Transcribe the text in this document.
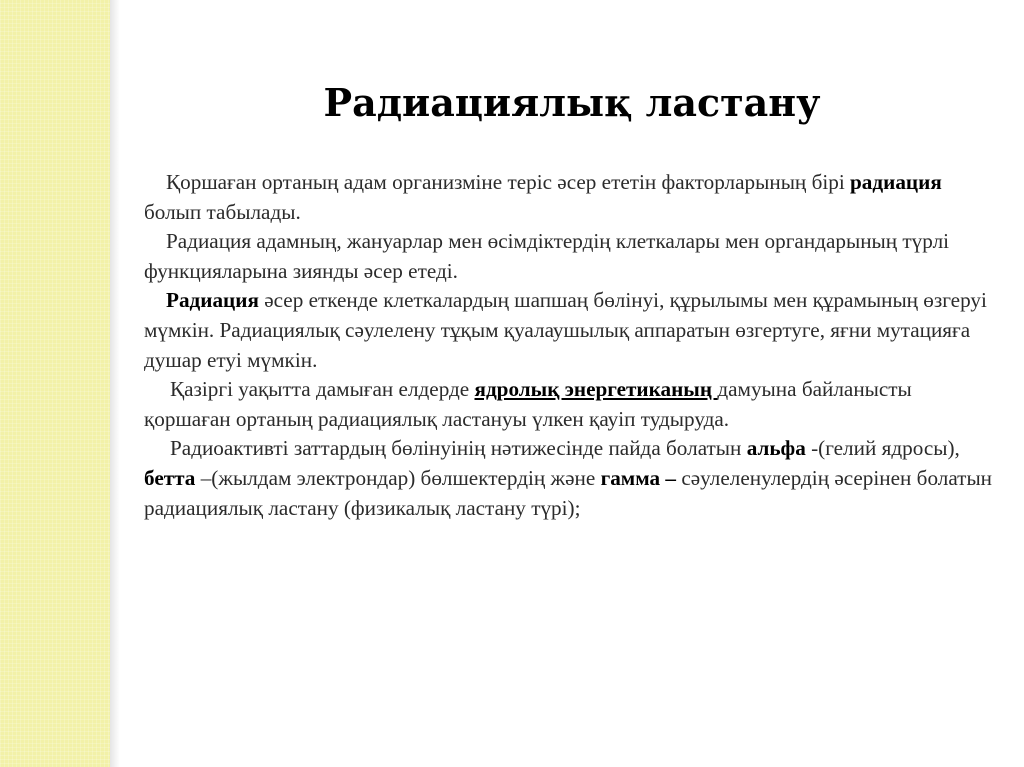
Радиациялық ластану

Қоршаған ортаның адам организміне теріс әсер ететін факторларының бірі радиация болып табылады.

Радиация адамның, жануарлар мен өсімдіктердің клеткалары мен органдарының түрлі функцияларына зиянды әсер етеді.

Радиация әсер еткенде клеткалардың шапшаң бөлінуі, құрылымы мен құрамының өзгеруі мүмкін. Радиациялық сәулелену тұқым қуалаушылық аппаратын өзгертуге, яғни мутацияға душар етуі мүмкін.

Қазіргі уақытта дамыған елдерде ядролық энергетиканың дамуына байланысты қоршаған ортаның радиациялық ластануы үлкен қауіп тудыруда.

Радиоактивті заттардың бөлінуінің нәтижесінде пайда болатын альфа -(гелий ядросы), бетта –(жылдам электрондар) бөлшектердің және гамма – сәулеленулердің әсерінен болатын радиациялық ластану (физикалық ластану түрі);
